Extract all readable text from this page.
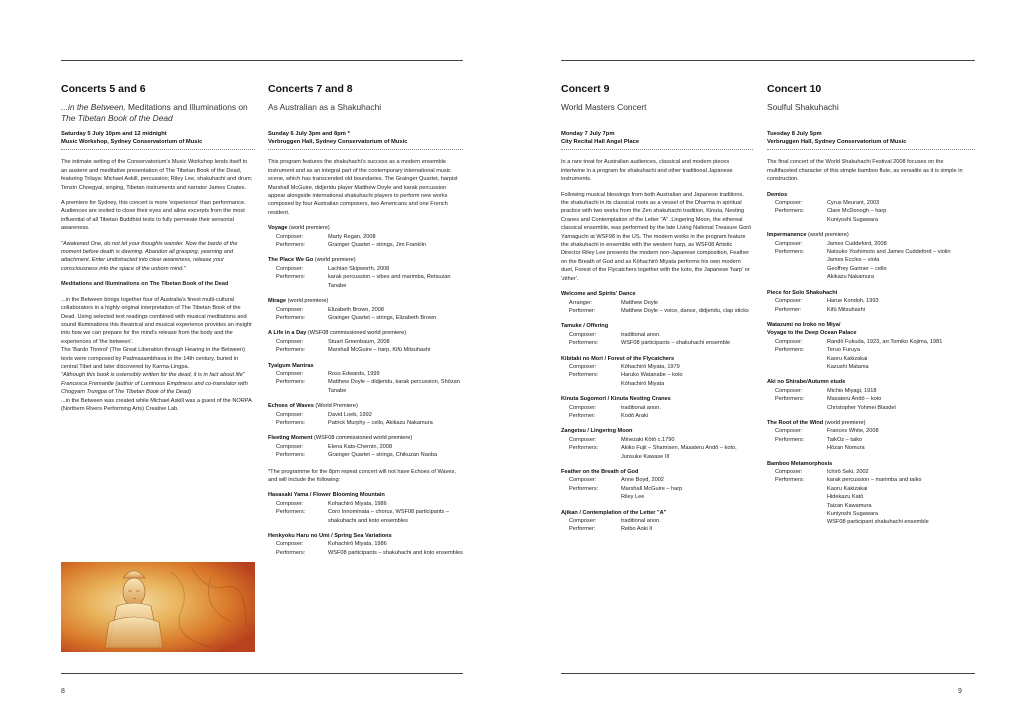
Concerts 5 and 6
...in the Between, Meditations and Illuminations on The Tibetan Book of the Dead
Saturday 5 July 10pm and 12 midnight
Music Workshop, Sydney Conservatorium of Music

The intimate setting of the Conservatorium's Music Workshop lends itself to an austere and meditative presentation of The Tibetan Book of the Dead, featuring Trilaya: Michael Askill, percussion; Riley Lee, shakuhachi and drum; Tenzin Choegyal, singing, Tibetan instruments and narrator James Coates.

A premiere for Sydney, this concert is more 'experience' than performance. Audiences are invited to close their eyes and allow excerpts from the most influential of all Tibetan Buddhist texts to fully permeate their sensorial awareness.

"Awakened One, do not let your thoughts wander. Now the bardo of the moment before death is dawning. Abandon all grasping, yearning and attachment. Enter undistracted into clear awareness, release your consciousness into the space of the unborn mind."

Meditations and Illuminations on The Tibetan Book of the Dead

...in the Between brings together four of Australia's finest multi-cultural collaborators in a highly original interpretation of The Tibetan Book of the Dead. Using selected text readings combined with musical meditations and sound illuminations this theatrical and musical experience provides an insight into how we can prepare for the mind's release from the body and the experiences of 'the between'.

The 'Bardo Thotrol' (The Great Liberation through Hearing in the Between) texts were composed by Padmasambhava in the 14th century, buried in central Tibet and later discovered by Karma-Lingpa.

"Although this book is ostensibly written for the dead, it is in fact about life" Francesca Fremantle (author of Luminous Emptiness and co-translator with Chogyam Trungpa of The Tibetan Book of the Dead)

...in the Between was created while Michael Askill was a guest of the NORPA (Northern Rivers Performing Arts) Creative Lab.

Concerts 7 and 8
As Australian as a Shakuhachi
Sunday 6 July 3pm and 8pm *
Verbruggen Hall, Sydney Conservatorium of Music

This program features the shakuhachi's success as a modern ensemble instrument and as an integral part of the contemporary international music scene, which has transcended old boundaries. The Grainger Quartet, harpist Marshall McGuire, didjeridu player Matthew Doyle and karak percussion appear alongside international shakuhachi players to perform new works composed by four Australian composers, two Americans and one French resident.

Voyage (world premiere)
Composer:	Marty Regan, 2008
Performers:	Grainger Quartet – strings, Jim Franklin
The Place We Go (world premiere)
Composer:	Lachlan Skipworth, 2008
Performers:	karak percussion – vibes and marimba, Retsuzan Tanabe
Mirage (world premiere)
Composer:	Elizabeth Brown, 2008
Performers:	Grainger Quartet – strings, Elizabeth Brown
A Life in a Day (WSF08 commissioned world premiere)
Composer:	Stuart Greenbaum, 2008
Performers:	Marshall McGuire – harp, Kifū Mitsuhashi
Tyalgum Mantras
Composer:	Ross Edwards, 1999
Performers:	Matthew Doyle – didjeridu, karak percussion, Shōzan Tanabe
Echoes of Waves (World Premiere)
Composer:	David Loeb, 1992
Performers:	Patrick Murphy – cello, Akikazu Nakamura
Fleeting Moment (WSF08 commissioned world premiere)
Composer:	Elena Kats-Chernin, 2008
Performers:	Grainger Quartet – strings, Chikuzan Naoba

*The programme for the 8pm repeat concert will not have Echoes of Waves, and will include the following:

Hasasaki Yama / Flower Blooming Mountain
Composer:	Kohachirō Miyata, 1986
Performers:	Coro Innominata – chorus, WSF08 participants – shakuhachi and koto ensembles
Henkyoku Haru no Umi / Spring Sea Variations
Composer:	Kohachirō Miyata, 1986
Performers:	WSF08 participants – shakuhachi and koto ensembles
8
Concert 9
World Masters Concert
Monday 7 July 7pm
City Recital Hall Angel Place

In a rare treat for Australian audiences, classical and modern pieces intertwine in a program for shakuhachi and other traditional Japanese instruments.

Following musical blessings from both Australian and Japanese traditions, the shakuhachi in its classical roots as a vessel of the Dharma in spiritual practice with two works from the Zen shakuhachi tradition, Kinuta, Nesting Cranes and Contemplation of the Letter "A". Lingering Moon, the ethereal classical ensemble, was performed by the late Living National Treasure Gorō Yamaguchi at WSF98 in the US. The modern works in the program feature the shakuhachi in ensemble with the western harp, as WSF08 Artistic Director Riley Lee presents the modern non-Japanese composition, Feather on the Breath of God and as Kōhachirō Miyata performs his own modern duet, Forest of the Flycatchers together with the koto, the Japanese 'harp' or 'zither'.

Welcome and Spirits' Dance
Arranger:	Matthew Doyle
Performer:	Matthew Doyle – voice, dance, didjeridu, clap sticks
Tamuke / Offering
Composer:	traditional anon.
Performers:	WSF08 participants – shakuhachi ensemble
Kibitaki no Mori / Forest of the Flycatchers
Composer:	Kōhachirō Miyata, 1979
Performers:	Haruko Watanabe – koto
Kōhachirō Miyata
Kinuta Sugomori / Kinuta Nesting Cranes
Composer:	traditional anon.
Performer:	Kodō Araki
Zangetsu / Lingering Moon
Composer:	Minezaki Kōtō c.1790
Performers:	Akiko Fujii – Shamisen, Masateru Andō – koto, Junsuke Kawase III
Feather on the Breath of God
Composer:	Anne Boyd, 2002
Performers:	Marshall McGuire – harp
Riley Lee
Ajikan / Contemplation of the Letter "A"
Composer:	traditional anon.
Performer:	Reibo Aoki II
Concert 10
Soulful Shakuhachi
Tuesday 8 July 5pm
Verbruggen Hall, Sydney Conservatorium of Music

The final concert of the World Shakuhachi Festival 2008 focuses on the multifaceted character of this simple bamboo flute, as versatile as it is simple in construction.

Demios
Composer:	Cyrus Meurant, 2003
Performers:	Clare McDonogh – harp
Kuniyoshi Sugawara
Impermanence (world premiere)
Composer:	James Cuddeford, 2008
Performers:	Natsuko Yoshimoto and James Cuddeford – violin
James Eccles – viola
Geoffrey Gartner – cello
Akikazu Nakamura
Piece for Solo Shakuhachi
Composer:	Harue Kondoh, 1993
Performer:	Kifū Mitsuhashi
Watazumi no Iroko no Miya/
Voyage to the Deep Ocean Palace
Composer:	Randō Fukuda, 1923, arr.Tomiko Kojima, 1981
Performers:	Teruo Furuya
Kaoru Kakizakai
Kazushi Matama
Aki no Shirabe/Autumn etude
Composer:	Michio Miyagi, 1918
Performers:	Masateru Andō – koto
Christopher Yohmei Blasdel
The Root of the Wind (world premiere)
Composer:	Frances White, 2008
Performers:	TaikOz – taiko
Hōzan Nomura
Bamboo Metamorphosis
Composer:	Ichirō Seki, 2002
Performers:	karak percussion – marimba and taiko
Kaoru Kakizakai
Hidekazu Katō
Taizan Kawamura
Kuniyoshi Sugawara
WSF08 participant shakuhachi ensemble
9
